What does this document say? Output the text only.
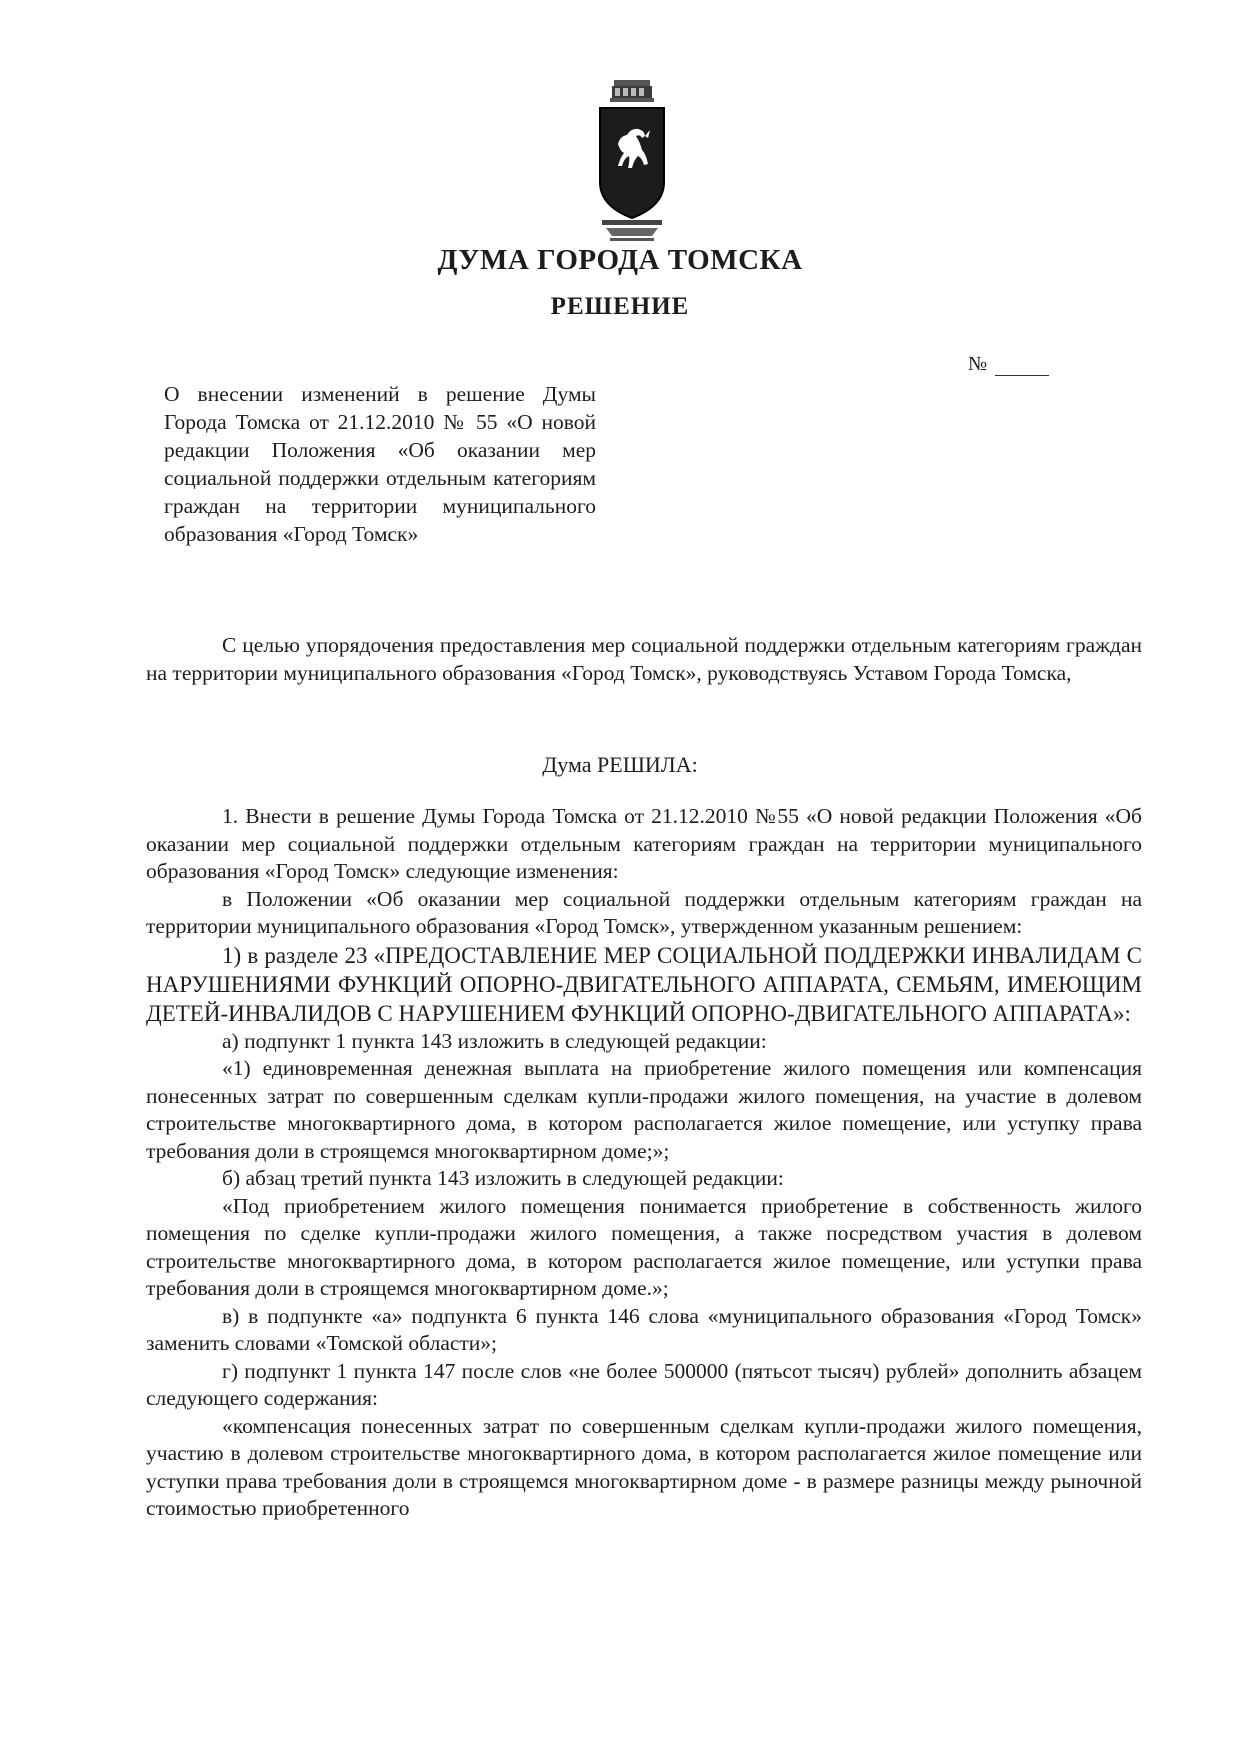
ДУМА ГОРОДА ТОМСКА
РЕШЕНИЕ
№

О внесении изменений в решение Думы Города Томска от 21.12.2010 № 55 «О новой редакции Положения «Об оказании мер социальной поддержки отдельным категориям граждан на территории муниципального образования «Город Томск»

С целью упорядочения предоставления мер социальной поддержки отдельным категориям граждан на территории муниципального образования «Город Томск», руководствуясь Уставом Города Томска,

Дума РЕШИЛА:

1. Внести в решение Думы Города Томска от 21.12.2010 №55 «О новой редакции Положения «Об оказании мер социальной поддержки отдельным категориям граждан на территории муниципального образования «Город Томск» следующие изменения:

в Положении «Об оказании мер социальной поддержки отдельным категориям граждан на территории муниципального образования «Город Томск», утвержденном указанным решением:

1) в разделе 23 «ПРЕДОСТАВЛЕНИЕ МЕР СОЦИАЛЬНОЙ ПОДДЕРЖКИ ИНВАЛИДАМ С НАРУШЕНИЯМИ ФУНКЦИЙ ОПОРНО-ДВИГАТЕЛЬНОГО АППАРАТА, СЕМЬЯМ, ИМЕЮЩИМ ДЕТЕЙ-ИНВАЛИДОВ С НАРУШЕНИЕМ ФУНКЦИЙ ОПОРНО-ДВИГАТЕЛЬНОГО АППАРАТА»:

а) подпункт 1 пункта 143 изложить в следующей редакции:

«1) единовременная денежная выплата на приобретение жилого помещения или компенсация понесенных затрат по совершенным сделкам купли-продажи жилого помещения, на участие в долевом строительстве многоквартирного дома, в котором располагается жилое помещение, или уступку права требования доли в строящемся многоквартирном доме;»;

б) абзац третий пункта 143 изложить в следующей редакции:

«Под приобретением жилого помещения понимается приобретение в собственность жилого помещения по сделке купли-продажи жилого помещения, а также посредством участия в долевом строительстве многоквартирного дома, в котором располагается жилое помещение, или уступки права требования доли в строящемся многоквартирном доме.»;

в) в подпункте «а» подпункта 6 пункта 146 слова «муниципального образования «Город Томск» заменить словами «Томской области»;

г) подпункт 1 пункта 147 после слов «не более 500000 (пятьсот тысяч) рублей» дополнить абзацем следующего содержания:

«компенсация понесенных затрат по совершенным сделкам купли-продажи жилого помещения, участию в долевом строительстве многоквартирного дома, в котором располагается жилое помещение или уступки права требования доли в строящемся многоквартирном доме - в размере разницы между рыночной стоимостью приобретенного
